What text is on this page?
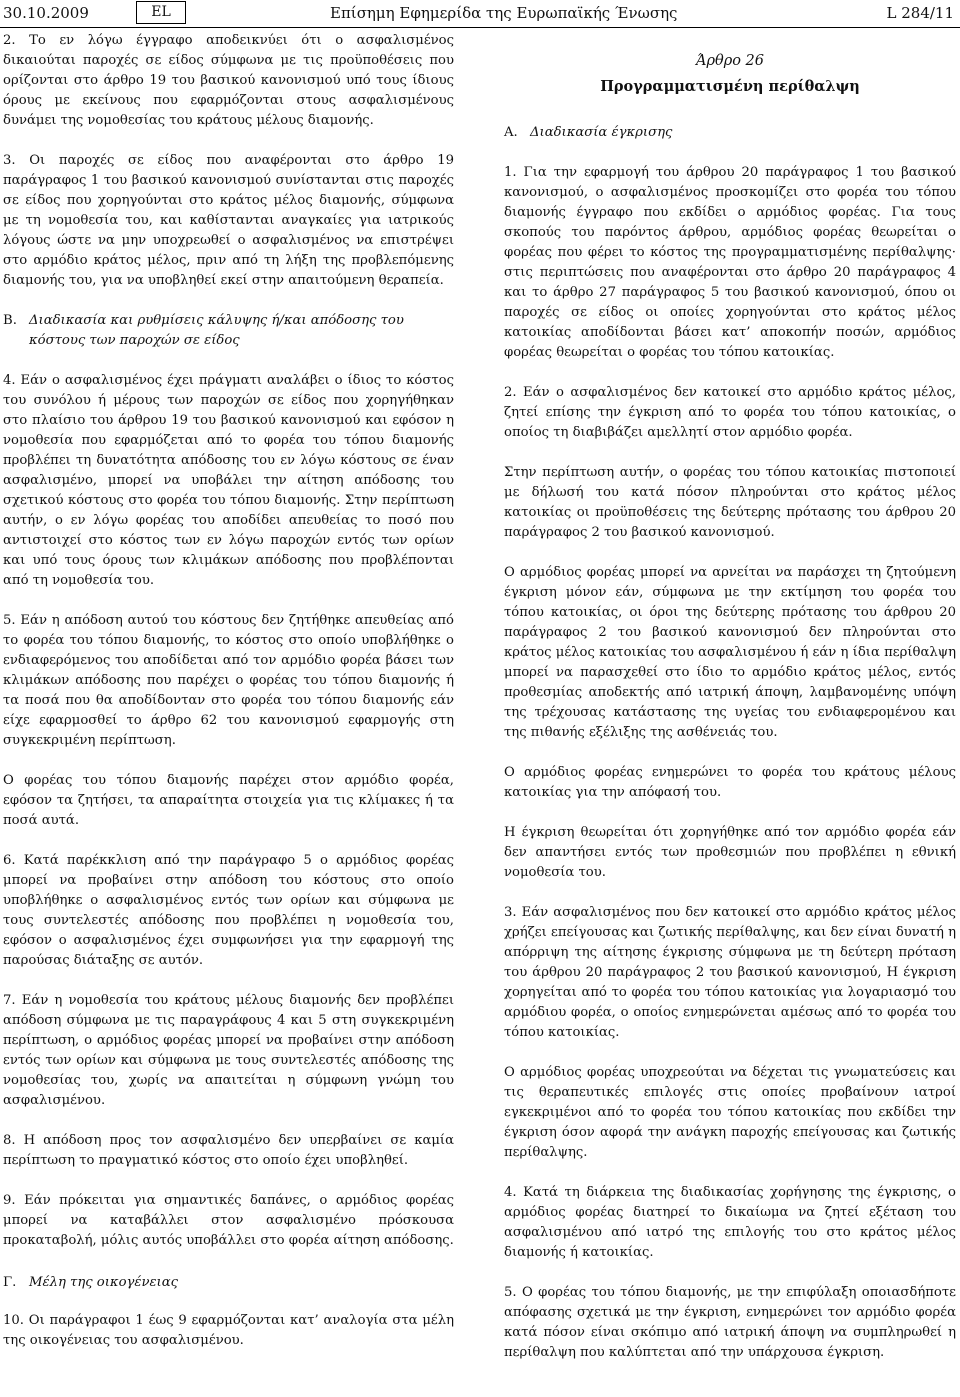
30.10.2009	EL	Επίσημη Εφημερίδα της Ευρωπαϊκής Ένωσης	L 284/11

2. Το εν λόγω έγγραφο αποδεικνύει ότι ο ασφαλισμένος δικαιούται παροχές σε είδος σύμφωνα με τις προϋποθέσεις που ορίζονται στο άρθρο 19 του βασικού κανονισμού υπό τους ίδιους όρους με εκείνους που εφαρμόζονται στους ασφαλισμένους δυνάμει της νομοθεσίας του κράτους μέλους διαμονής.

3. Οι παροχές σε είδος που αναφέρονται στο άρθρο 19 παράγραφος 1 του βασικού κανονισμού συνίστανται στις παροχές σε είδος που χορηγούνται στο κράτος μέλος διαμονής, σύμφωνα με τη νομοθεσία του, και καθίστανται αναγκαίες για ιατρικούς λόγους ώστε να μην υποχρεωθεί ο ασφαλισμένος να επιστρέψει στο αρμόδιο κράτος μέλος, πριν από τη λήξη της προβλεπόμενης διαμονής του, για να υποβληθεί εκεί στην απαιτούμενη θεραπεία.

B. Διαδικασία και ρυθμίσεις κάλυψης ή/και απόδοσης του κόστους των παροχών σε είδος

4. Εάν ο ασφαλισμένος έχει πράγματι αναλάβει ο ίδιος το κόστος του συνόλου ή μέρους των παροχών σε είδος που χορηγήθηκαν στο πλαίσιο του άρθρου 19 του βασικού κανονισμού και εφόσον η νομοθεσία που εφαρμόζεται από το φορέα του τόπου διαμονής προβλέπει τη δυνατότητα απόδοσης του εν λόγω κόστους σε έναν ασφαλισμένο, μπορεί να υποβάλει την αίτηση απόδοσης του σχετικού κόστους στο φορέα του τόπου διαμονής. Στην περίπτωση αυτήν, ο εν λόγω φορέας του αποδίδει απευθείας το ποσό που αντιστοιχεί στο κόστος των εν λόγω παροχών εντός των ορίων και υπό τους όρους των κλιμάκων απόδοσης που προβλέπονται από τη νομοθεσία του.

5. Εάν η απόδοση αυτού του κόστους δεν ζητήθηκε απευθείας από το φορέα του τόπου διαμονής, το κόστος στο οποίο υποβλήθηκε ο ενδιαφερόμενος του αποδίδεται από τον αρμόδιο φορέα βάσει των κλιμάκων απόδοσης που παρέχει ο φορέας του τόπου διαμονής ή τα ποσά που θα αποδίδονταν στο φορέα του τόπου διαμονής εάν είχε εφαρμοσθεί το άρθρο 62 του κανονισμού εφαρμογής στη συγκεκριμένη περίπτωση.

Ο φορέας του τόπου διαμονής παρέχει στον αρμόδιο φορέα, εφόσον τα ζητήσει, τα απαραίτητα στοιχεία για τις κλίμακες ή τα ποσά αυτά.

6. Κατά παρέκκλιση από την παράγραφο 5 ο αρμόδιος φορέας μπορεί να προβαίνει στην απόδοση του κόστους στο οποίο υποβλήθηκε ο ασφαλισμένος εντός των ορίων και σύμφωνα με τους συντελεστές απόδοσης που προβλέπει η νομοθεσία του, εφόσον ο ασφαλισμένος έχει συμφωνήσει για την εφαρμογή της παρούσας διάταξης σε αυτόν.

7. Εάν η νομοθεσία του κράτους μέλους διαμονής δεν προβλέπει απόδοση σύμφωνα με τις παραγράφους 4 και 5 στη συγκεκριμένη περίπτωση, ο αρμόδιος φορέας μπορεί να προβαίνει στην απόδοση εντός των ορίων και σύμφωνα με τους συντελεστές απόδοσης της νομοθεσίας του, χωρίς να απαιτείται η σύμφωνη γνώμη του ασφαλισμένου.

8. Η απόδοση προς τον ασφαλισμένο δεν υπερβαίνει σε καμία περίπτωση το πραγματικό κόστος στο οποίο έχει υποβληθεί.

9. Εάν πρόκειται για σημαντικές δαπάνες, ο αρμόδιος φορέας μπορεί να καταβάλλει στον ασφαλισμένο πρόσκουσα προκαταβολή, μόλις αυτός υποβάλλει στο φορέα αίτηση απόδοσης.

Γ. Μέλη της οικογένειας

10. Οι παράγραφοι 1 έως 9 εφαρμόζονται κατ’ αναλογία στα μέλη της οικογένειας του ασφαλισμένου.

Άρθρο 26
Προγραμματισμένη περίθαλψη
Α. Διαδικασία έγκρισης

1. Για την εφαρμογή του άρθρου 20 παράγραφος 1 του βασικού κανονισμού, ο ασφαλισμένος προσκομίζει στο φορέα του τόπου διαμονής έγγραφο που εκδίδει ο αρμόδιος φορέας. Για τους σκοπούς του παρόντος άρθρου, αρμόδιος φορέας θεωρείται ο φορέας που φέρει το κόστος της προγραμματισμένης περίθαλψης· στις περιπτώσεις που αναφέρονται στο άρθρο 20 παράγραφος 4 και το άρθρο 27 παράγραφος 5 του βασικού κανονισμού, όπου οι παροχές σε είδος οι οποίες χορηγούνται στο κράτος μέλος κατοικίας αποδίδονται βάσει κατ’ αποκοπήν ποσών, αρμόδιος φορέας θεωρείται ο φορέας του τόπου κατοικίας.

2. Εάν ο ασφαλισμένος δεν κατοικεί στο αρμόδιο κράτος μέλος, ζητεί επίσης την έγκριση από το φορέα του τόπου κατοικίας, ο οποίος τη διαβιβάζει αμελλητί στον αρμόδιο φορέα.

Στην περίπτωση αυτήν, ο φορέας του τόπου κατοικίας πιστοποιεί με δήλωσή του κατά πόσον πληρούνται στο κράτος μέλος κατοικίας οι προϋποθέσεις της δεύτερης πρότασης του άρθρου 20 παράγραφος 2 του βασικού κανονισμού.

Ο αρμόδιος φορέας μπορεί να αρνείται να παράσχει τη ζητούμενη έγκριση μόνον εάν, σύμφωνα με την εκτίμηση του φορέα του τόπου κατοικίας, οι όροι της δεύτερης πρότασης του άρθρου 20 παράγραφος 2 του βασικού κανονισμού δεν πληρούνται στο κράτος μέλος κατοικίας του ασφαλισμένου ή εάν η ίδια περίθαλψη μπορεί να παρασχεθεί στο ίδιο το αρμόδιο κράτος μέλος, εντός προθεσμίας αποδεκτής από ιατρική άποψη, λαμβανομένης υπόψη της τρέχουσας κατάστασης της υγείας του ενδιαφερομένου και της πιθανής εξέλιξης της ασθένειάς του.

Ο αρμόδιος φορέας ενημερώνει το φορέα του κράτους μέλους κατοικίας για την απόφασή του.

Η έγκριση θεωρείται ότι χορηγήθηκε από τον αρμόδιο φορέα εάν δεν απαντήσει εντός των προθεσμιών που προβλέπει η εθνική νομοθεσία του.

3. Εάν ασφαλισμένος που δεν κατοικεί στο αρμόδιο κράτος μέλος χρήζει επείγουσας και ζωτικής περίθαλψης, και δεν είναι δυνατή η απόρριψη της αίτησης έγκρισης σύμφωνα με τη δεύτερη πρόταση του άρθρου 20 παράγραφος 2 του βασικού κανονισμού, Η έγκριση χορηγείται από το φορέα του τόπου κατοικίας για λογαριασμό του αρμόδιου φορέα, ο οποίος ενημερώνεται αμέσως από το φορέα του τόπου κατοικίας.

Ο αρμόδιος φορέας υποχρεούται να δέχεται τις γνωματεύσεις και τις θεραπευτικές επιλογές στις οποίες προβαίνουν ιατροί εγκεκριμένοι από το φορέα του τόπου κατοικίας που εκδίδει την έγκριση όσον αφορά την ανάγκη παροχής επείγουσας και ζωτικής περίθαλψης.

4. Κατά τη διάρκεια της διαδικασίας χορήγησης της έγκρισης, ο αρμόδιος φορέας διατηρεί το δικαίωμα να ζητεί εξέταση του ασφαλισμένου από ιατρό της επιλογής του στο κράτος μέλος διαμονής ή κατοικίας.

5. Ο φορέας του τόπου διαμονής, με την επιφύλαξη οποιασδήποτε απόφασης σχετικά με την έγκριση, ενημερώνει τον αρμόδιο φορέα κατά πόσον είναι σκόπιμο από ιατρική άποψη να συμπληρωθεί η περίθαλψη που καλύπτεται από την υπάρχουσα έγκριση.
